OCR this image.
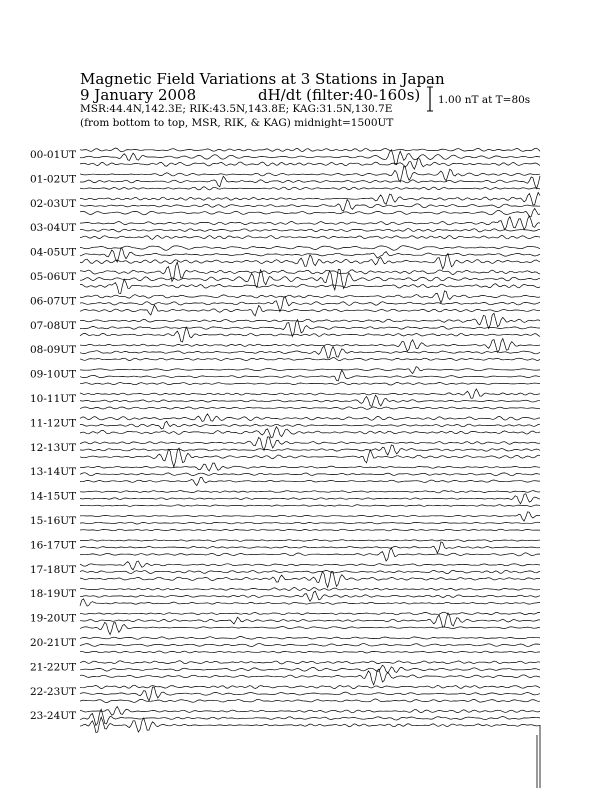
Magnetic Field Variations at 3 Stations in Japan
9 January 2008	dH/dt (filter:40-160s)
MSR:44.4N,142.3E; RIK:43.5N,143.8E; KAG:31.5N,130.7E
(from bottom to top, MSR, RIK, & KAG) midnight=1500UT
1.00 nT at T=80s
00-01UT
01-02UT
02-03UT
03-04UT
04-05UT
05-06UT
06-07UT
07-08UT
08-09UT
09-10UT
10-11UT
11-12UT
12-13UT
13-14UT
14-15UT
15-16UT
16-17UT
17-18UT
18-19UT
19-20UT
20-21UT
21-22UT
22-23UT
23-24UT
